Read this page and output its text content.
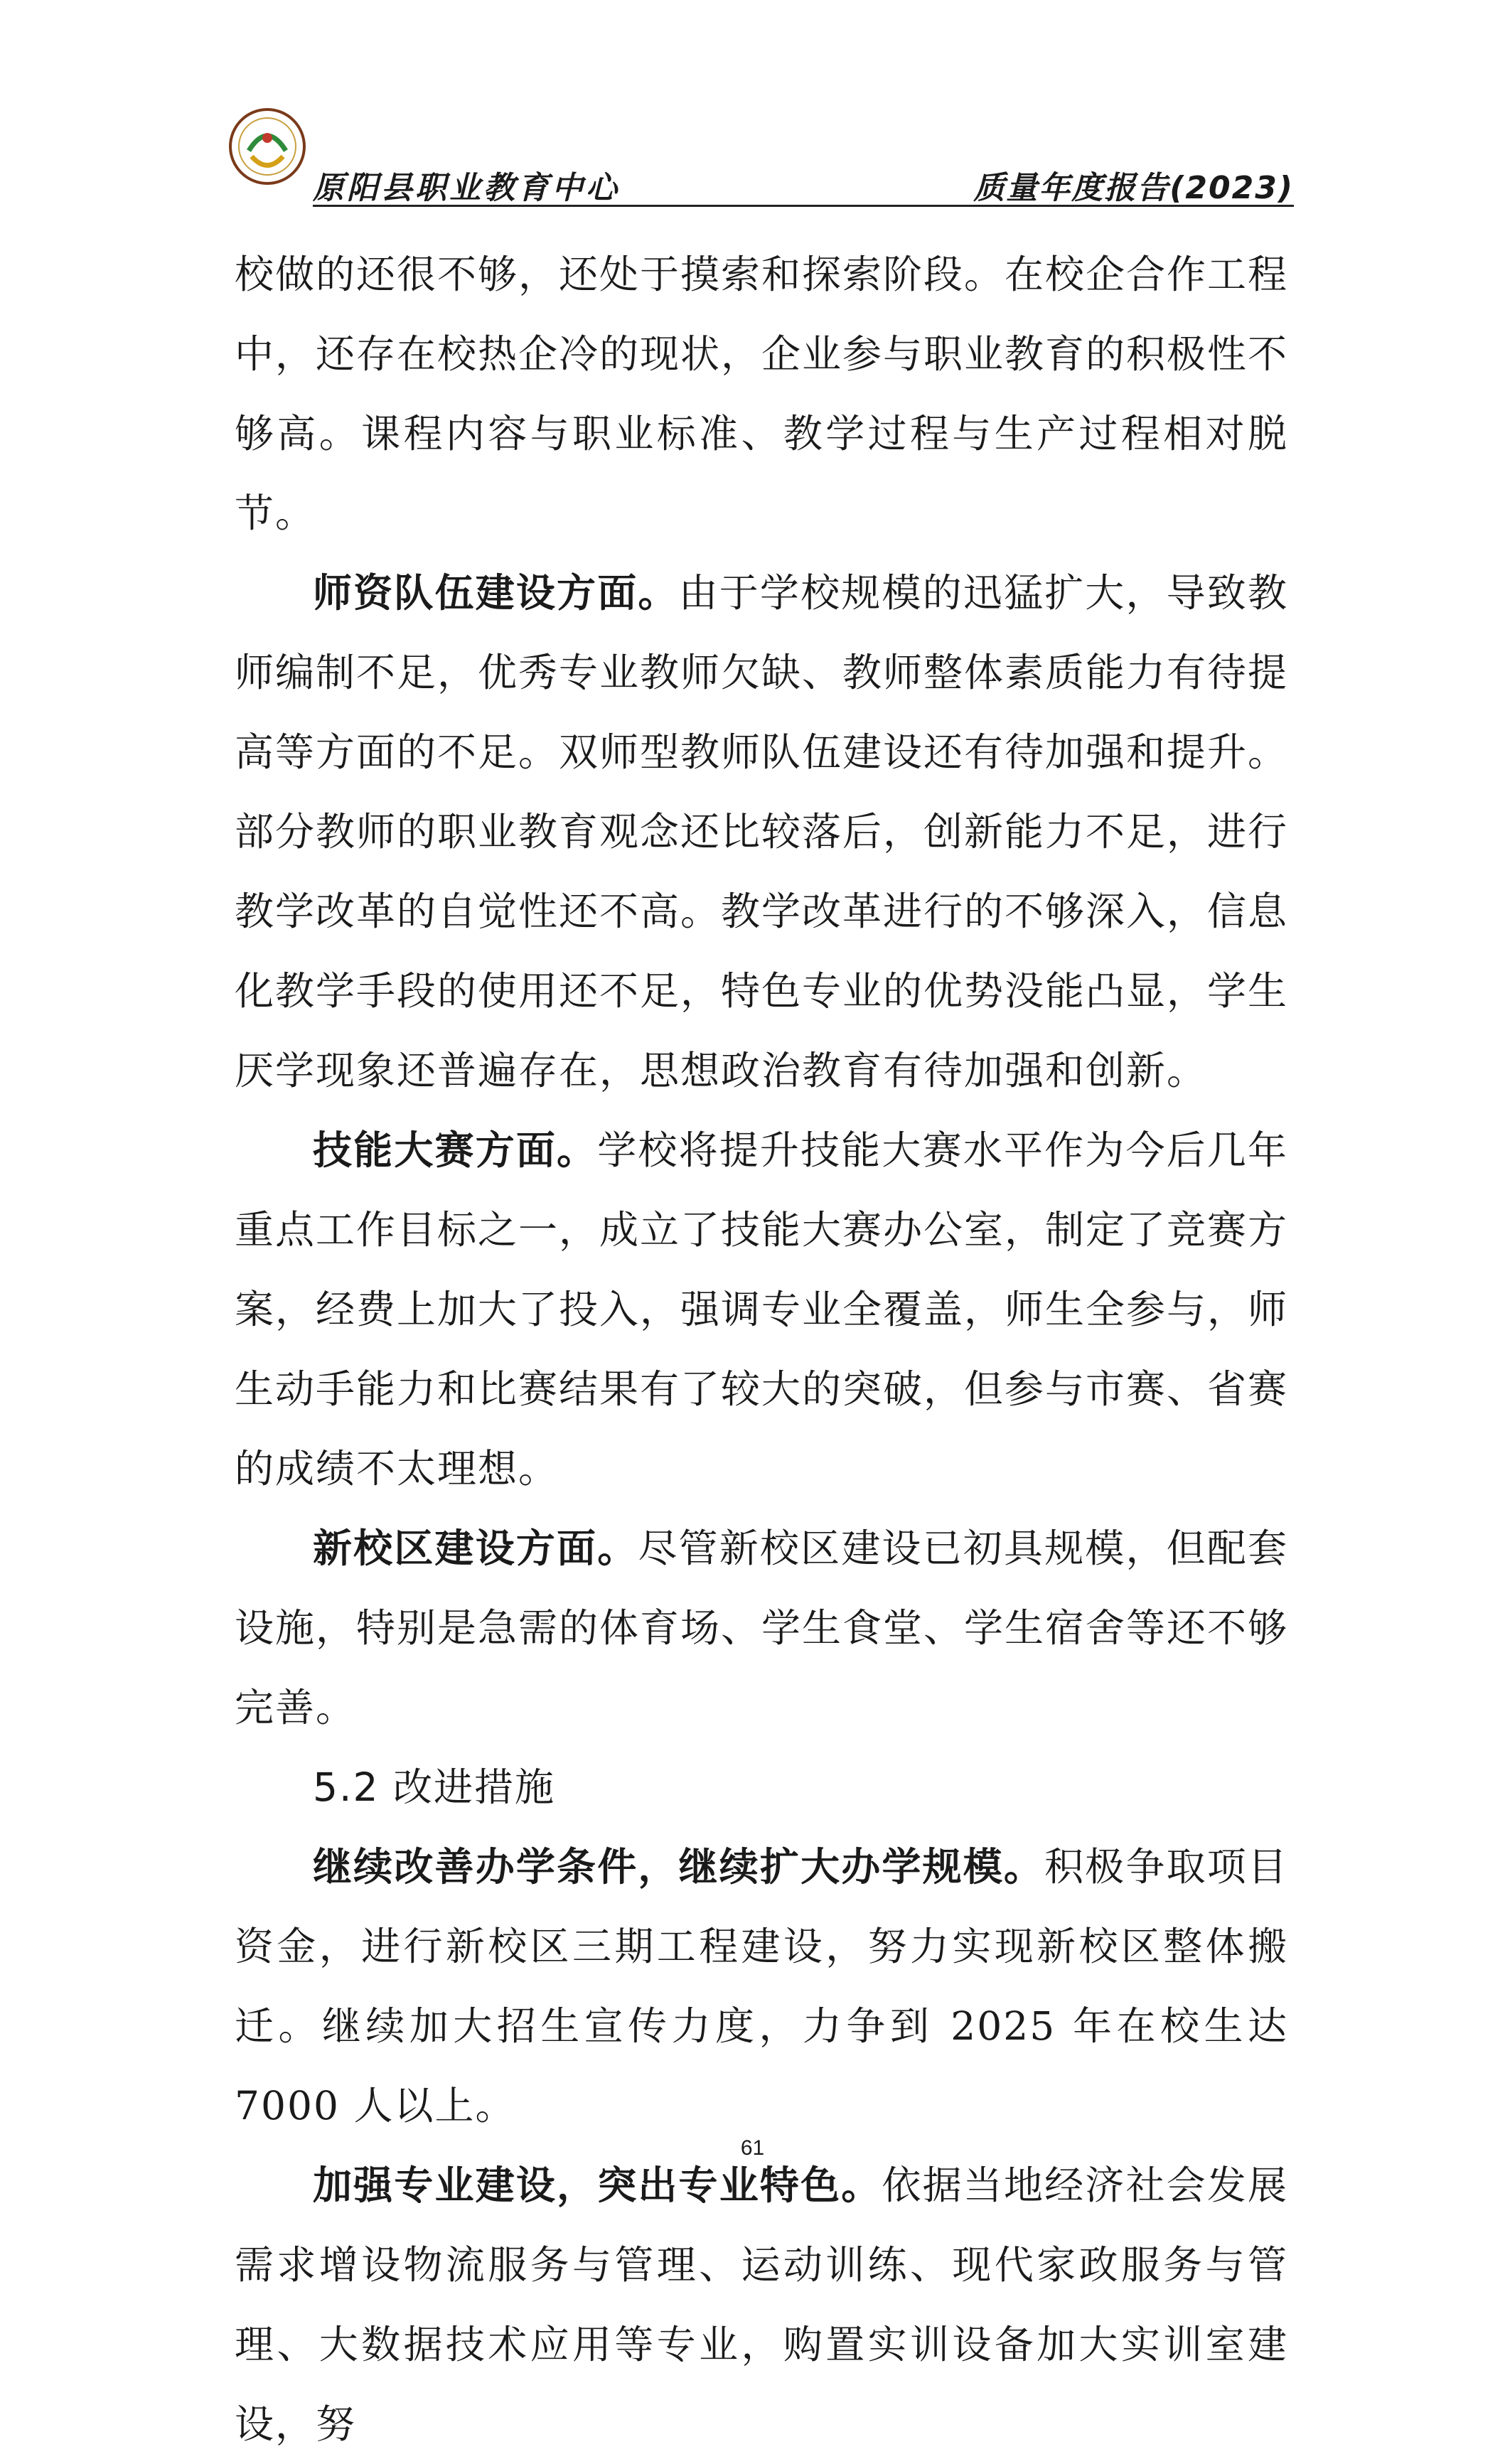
原阳县职业教育中心	质量年度报告(2023)

校做的还很不够，还处于摸索和探索阶段。在校企合作工程中，还存在校热企冷的现状，企业参与职业教育的积极性不够高。课程内容与职业标准、教学过程与生产过程相对脱节。

师资队伍建设方面。由于学校规模的迅猛扩大，导致教师编制不足，优秀专业教师欠缺、教师整体素质能力有待提高等方面的不足。双师型教师队伍建设还有待加强和提升。部分教师的职业教育观念还比较落后，创新能力不足，进行教学改革的自觉性还不高。教学改革进行的不够深入，信息化教学手段的使用还不足，特色专业的优势没能凸显，学生厌学现象还普遍存在，思想政治教育有待加强和创新。

技能大赛方面。学校将提升技能大赛水平作为今后几年重点工作目标之一，成立了技能大赛办公室，制定了竞赛方案，经费上加大了投入，强调专业全覆盖，师生全参与，师生动手能力和比赛结果有了较大的突破，但参与市赛、省赛的成绩不太理想。

新校区建设方面。尽管新校区建设已初具规模，但配套设施，特别是急需的体育场、学生食堂、学生宿舍等还不够完善。

5.2 改进措施

继续改善办学条件，继续扩大办学规模。积极争取项目资金，进行新校区三期工程建设，努力实现新校区整体搬迁。继续加大招生宣传力度，力争到 2025 年在校生达 7000 人以上。

加强专业建设，突出专业特色。依据当地经济社会发展需求增设物流服务与管理、运动训练、现代家政服务与管理、大数据技术应用等专业，购置实训设备加大实训室建设，努

61
